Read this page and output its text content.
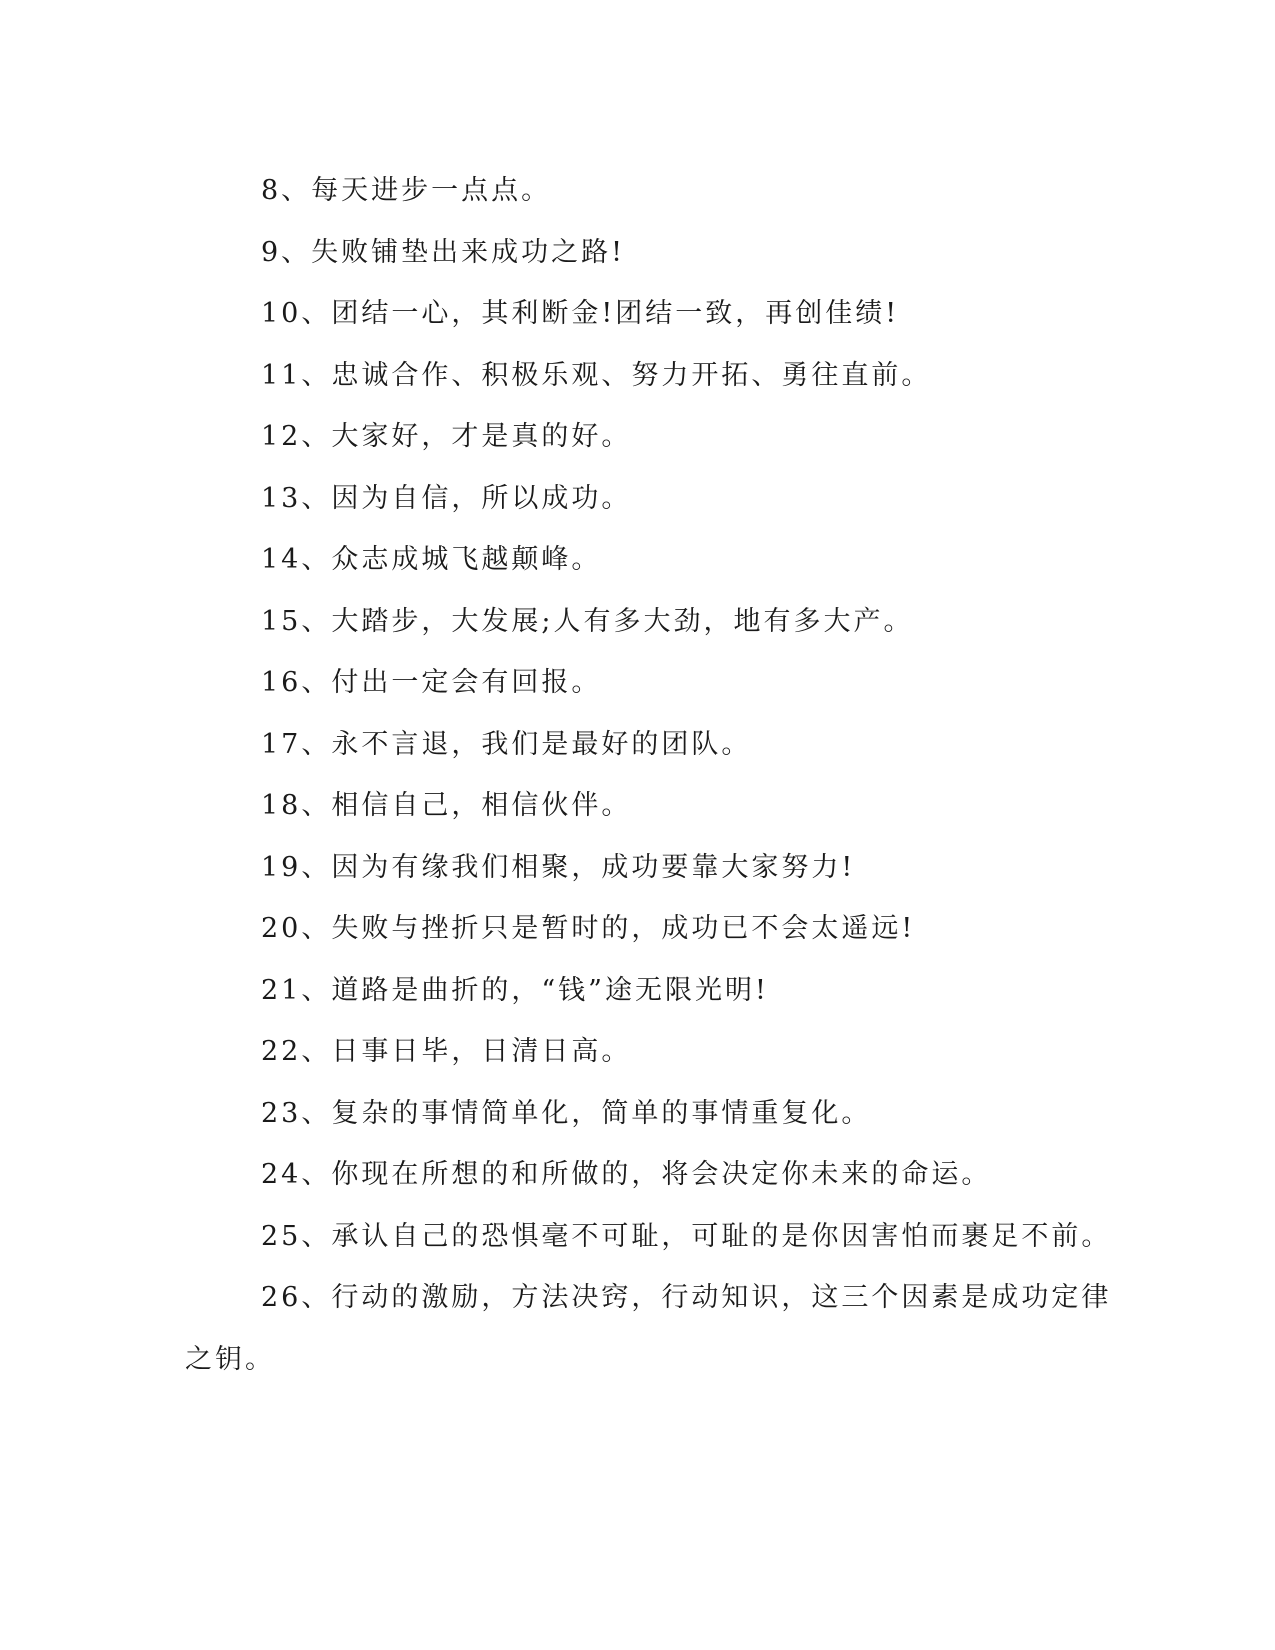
8、每天进步一点点。
9、失败铺垫出来成功之路!
10、团结一心，其利断金!团结一致，再创佳绩!
11、忠诚合作、积极乐观、努力开拓、勇往直前。
12、大家好，才是真的好。
13、因为自信，所以成功。
14、众志成城飞越颠峰。
15、大踏步，大发展;人有多大劲，地有多大产。
16、付出一定会有回报。
17、永不言退，我们是最好的团队。
18、相信自己，相信伙伴。
19、因为有缘我们相聚，成功要靠大家努力!
20、失败与挫折只是暂时的，成功已不会太遥远!
21、道路是曲折的，“钱”途无限光明!
22、日事日毕，日清日高。
23、复杂的事情简单化，简单的事情重复化。
24、你现在所想的和所做的，将会决定你未来的命运。
25、承认自己的恐惧毫不可耻，可耻的是你因害怕而裹足不前。
26、行动的激励，方法决窍，行动知识，这三个因素是成功定律
之钥。
